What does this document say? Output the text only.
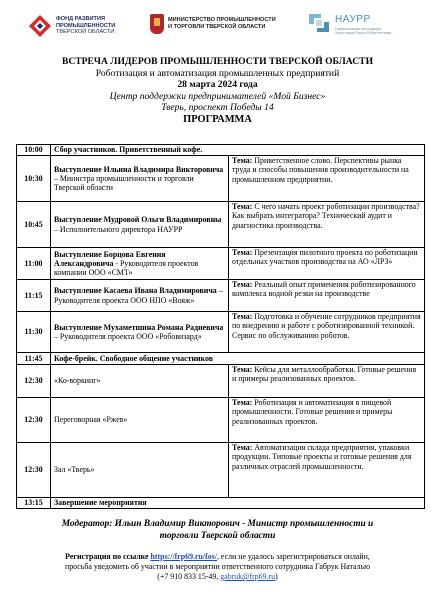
ФОНД РАЗВИТИЯ
ПРОМЫШЛЕННОСТИ
ТВЕРСКОЙ ОБЛАСТИ
МИНИСТЕРСТВО ПРОМЫШЛЕННОСТИ
И ТОРГОВЛИ ТВЕРСКОЙ ОБЛАСТИ
НАУРР
Национальная Ассоциация
Участников Рынка Робототехники
ВСТРЕЧА ЛИДЕРОВ ПРОМЫШЛЕННОСТИ ТВЕРСКОЙ ОБЛАСТИ
Роботизация и автоматизация промышленных предприятий
28 марта 2024 года
Центр поддержки предпринимателей «Мой Бизнес»
Тверь, проспект Победы 14
ПРОГРАММА
10:00	Сбор участников. Приветственный кофе.	
10:30	Выступление Ильина Владимира Викторовича – Министра промышленности и торговли Тверской области	Тема: Приветственное слово. Перспективы рынка труда и способы повышения производительности на промышленном предприятии.
10:45	Выступление Мудровой Ольги Владимировны – Исполнительного директора НАУРР	Тема: С чего начать проект роботизации производства? Как выбрать интегратора? Технический аудит и диагностика производства.
11:00	Выступление Борцова Евгения Александровича - Руководителя проектов компании ООО «СМТ»	Тема: Презентация пилотного проекта по роботизации отдельных участков производства на АО «ЛРЗ»
11:15	Выступление Касаева Ивана Владимировича – Руководителя проекта ООО НПО «Вояж»	Тема: Реальный опыт применения роботизированного комплекса водной резки на производстве
11:30	Выступление Мухаметшина Романа Радиевича – Руководителя проекта ООО «Робовизард»	Тема: Подготовка и обучение сотрудников предприятия по внедрению и работе с роботизированной техникой. Сервис по обслуживанию роботов.
11:45	Кофе-брейк. Свободное общение участников	
12:30	«Ко-воркинг»	Тема: Кейсы для металлообработки. Готовые решения и примеры реализованных проектов.
12:30	Переговорная «Ржев»	Тема: Роботизация и автоматизация в пищевой промышленности. Готовые решения и примеры реализованных проектов.
12:30	Зал «Тверь»	Тема: Автоматизация склада предприятия, упаковки продукции. Типовые проекты и готовые решения для различных отраслей промышленности.
13:15	Завершение мероприятия	
Модератор: Ильин Владимир Викторович - Министр промышленности и
торговли Тверской области
Регистрация по ссылке https://frp69.ru/fos/, если не удалось зарегистрироваться онлайн,
просьба уведомить об участии в мероприятии ответственного сотрудника Габрук Наталью
(+7 910 833 15-49, gabruk@frp69.ru)
